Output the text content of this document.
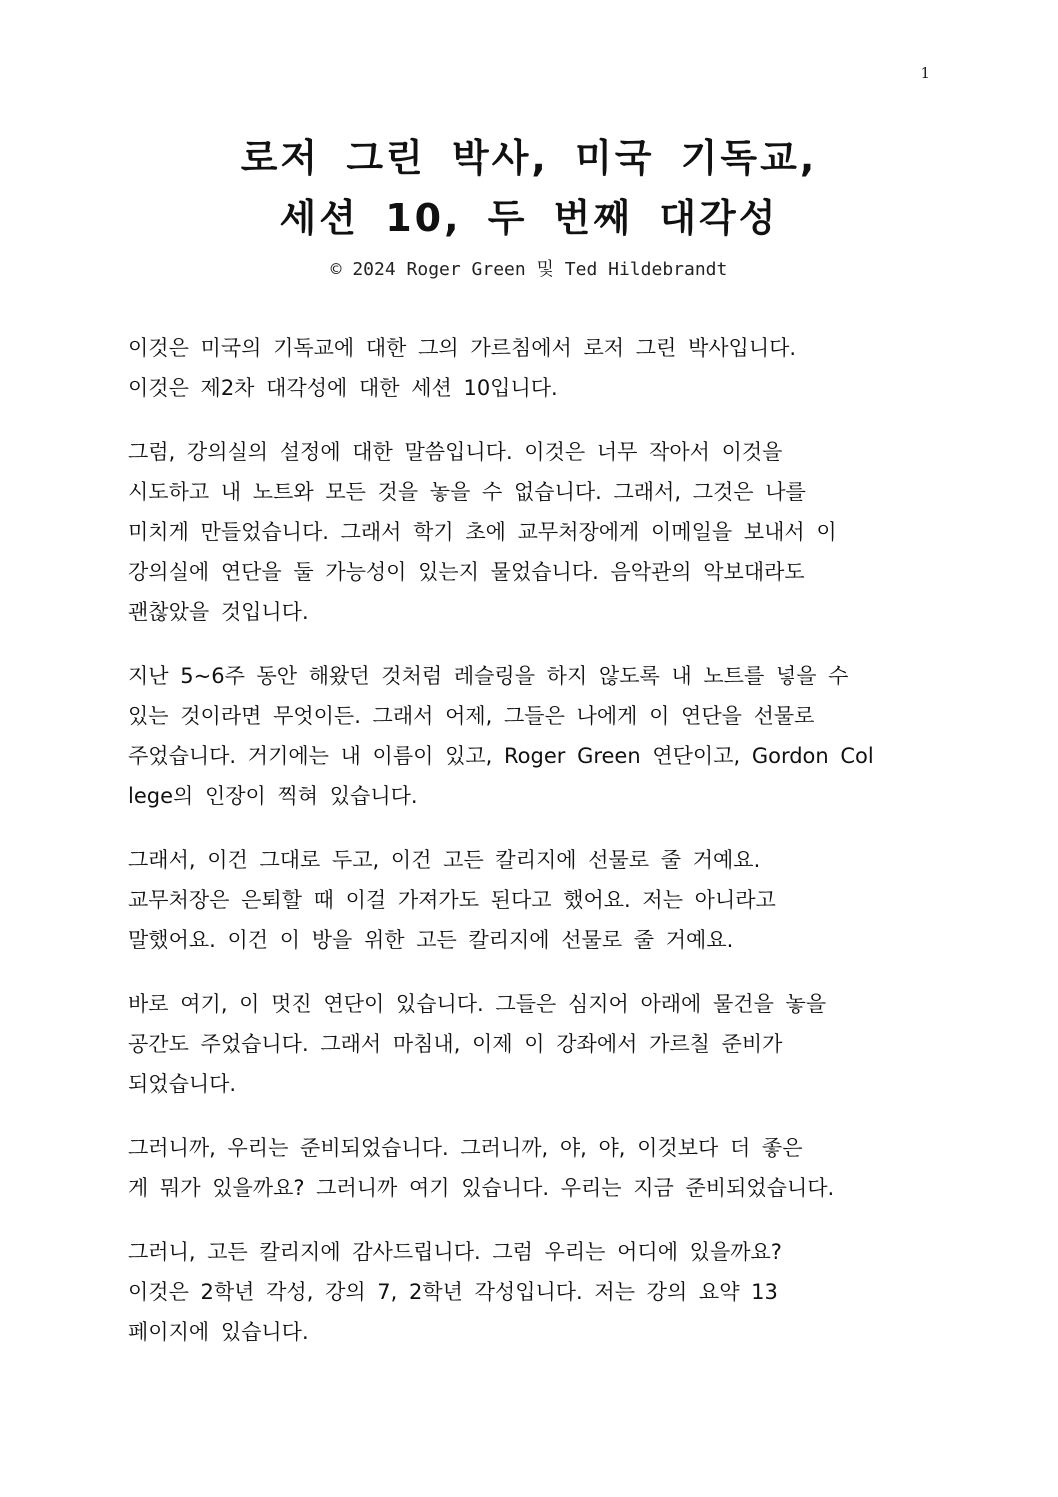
1
로저 그린 박사, 미국 기독교,
세션 10, 두 번째 대각성
© 2024 Roger Green 및 Ted Hildebrandt

이것은 미국의 기독교에 대한 그의 가르침에서 로저 그린 박사입니다.
이것은 제2차 대각성에 대한 세션 10입니다.

그럼, 강의실의 설정에 대한 말씀입니다. 이것은 너무 작아서 이것을
시도하고 내 노트와 모든 것을 놓을 수 없습니다. 그래서, 그것은 나를
미치게 만들었습니다. 그래서 학기 초에 교무처장에게 이메일을 보내서 이
강의실에 연단을 둘 가능성이 있는지 물었습니다. 음악관의 악보대라도
괜찮았을 것입니다.

지난 5~6주 동안 해왔던 것처럼 레슬링을 하지 않도록 내 노트를 넣을 수
있는 것이라면 무엇이든. 그래서 어제, 그들은 나에게 이 연단을 선물로
주었습니다. 거기에는 내 이름이 있고, Roger Green 연단이고, Gordon Col
lege의 인장이 찍혀 있습니다.

그래서, 이건 그대로 두고, 이건 고든 칼리지에 선물로 줄 거예요.
교무처장은 은퇴할 때 이걸 가져가도 된다고 했어요. 저는 아니라고
말했어요. 이건 이 방을 위한 고든 칼리지에 선물로 줄 거예요.

바로 여기, 이 멋진 연단이 있습니다. 그들은 심지어 아래에 물건을 놓을
공간도 주었습니다. 그래서 마침내, 이제 이 강좌에서 가르칠 준비가
되었습니다.

그러니까, 우리는 준비되었습니다. 그러니까, 야, 야, 이것보다 더 좋은
게 뭐가 있을까요? 그러니까 여기 있습니다. 우리는 지금 준비되었습니다.

그러니, 고든 칼리지에 감사드립니다. 그럼 우리는 어디에 있을까요?
이것은 2학년 각성, 강의 7, 2학년 각성입니다. 저는 강의 요약 13
페이지에 있습니다.
